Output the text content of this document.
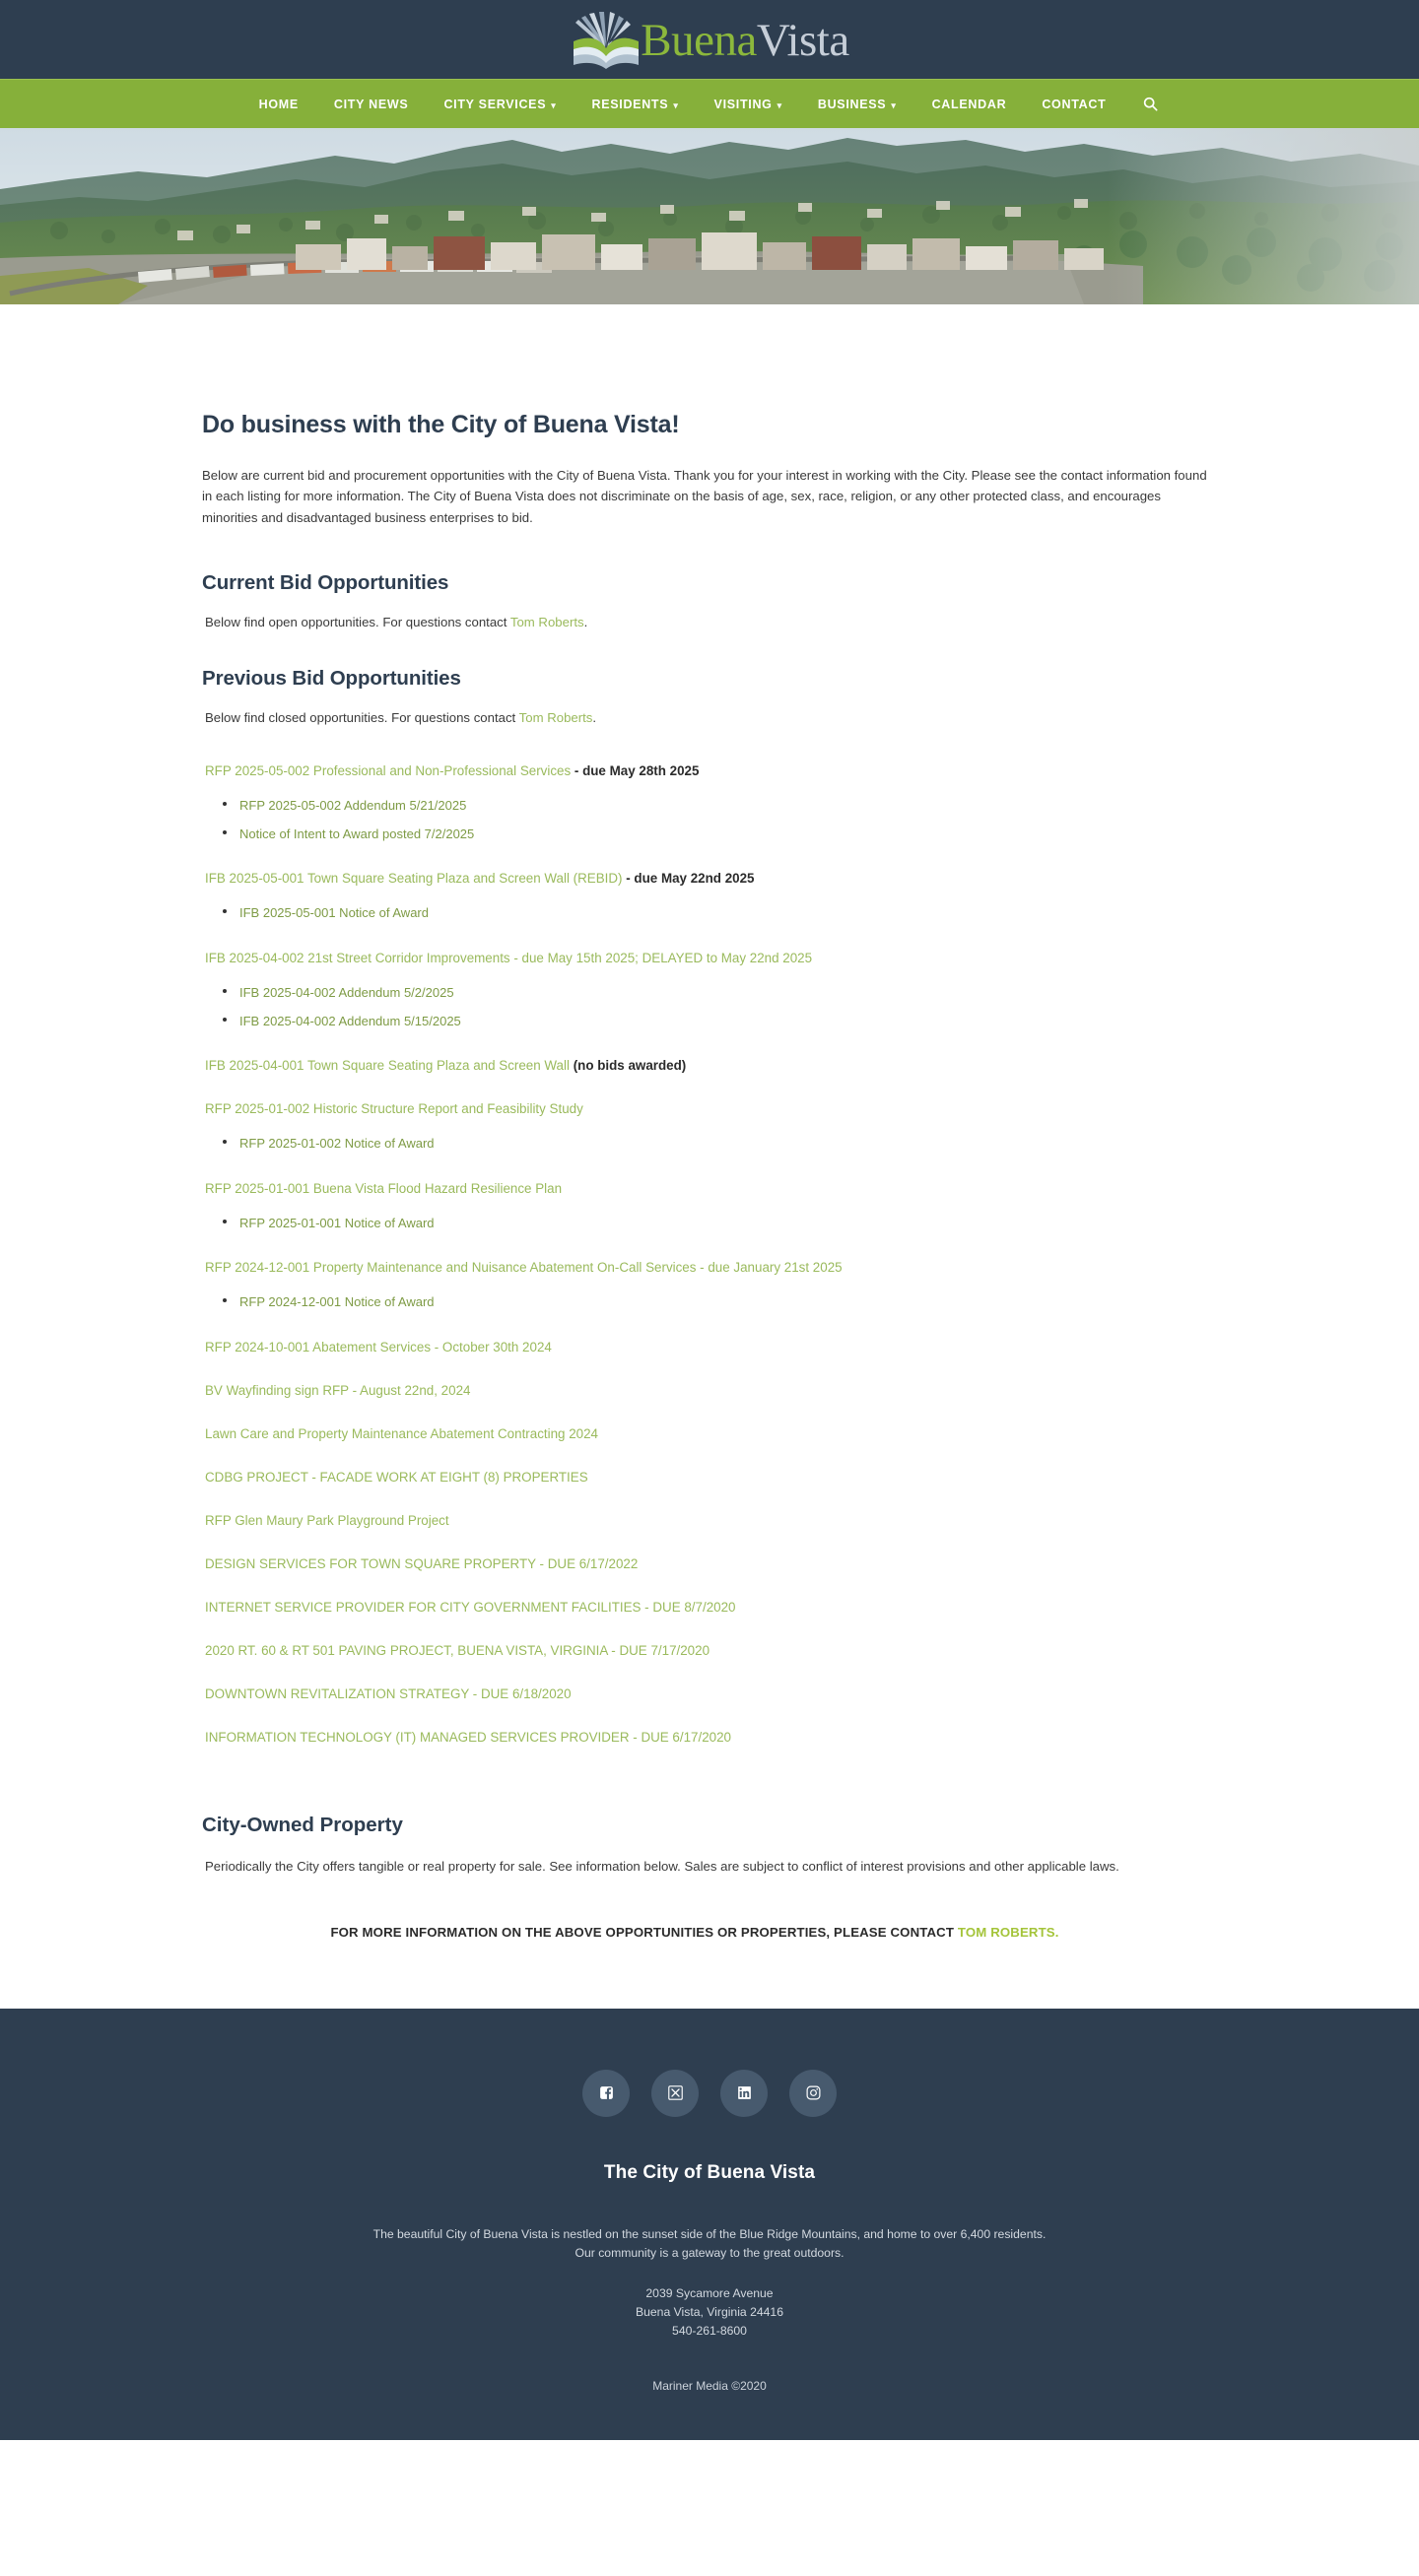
BuenaVista
HOME	CITY NEWS	CITY SERVICES ▾	RESIDENTS ▾	VISITING ▾	BUSINESS ▾	CALENDAR	CONTACT
Do business with the City of Buena Vista!

Below are current bid and procurement opportunities with the City of Buena Vista. Thank you for your interest in working with the City. Please see the contact information found in each listing for more information. The City of Buena Vista does not discriminate on the basis of age, sex, race, religion, or any other protected class, and encourages minorities and disadvantaged business enterprises to bid.

Current Bid Opportunities

Below find open opportunities. For questions contact Tom Roberts.

Previous Bid Opportunities

Below find closed opportunities. For questions contact Tom Roberts.

RFP 2025-05-002 Professional and Non-Professional Services - due May 28th 2025
RFP 2025-05-002 Addendum 5/21/2025
Notice of Intent to Award posted 7/2/2025
IFB 2025-05-001 Town Square Seating Plaza and Screen Wall (REBID) - due May 22nd 2025
IFB 2025-05-001 Notice of Award
IFB 2025-04-002 21st Street Corridor Improvements - due May 15th 2025; DELAYED to May 22nd 2025
IFB 2025-04-002 Addendum 5/2/2025
IFB 2025-04-002 Addendum 5/15/2025
IFB 2025-04-001 Town Square Seating Plaza and Screen Wall (no bids awarded)
RFP 2025-01-002 Historic Structure Report and Feasibility Study
RFP 2025-01-002 Notice of Award
RFP 2025-01-001 Buena Vista Flood Hazard Resilience Plan
RFP 2025-01-001 Notice of Award
RFP 2024-12-001 Property Maintenance and Nuisance Abatement On-Call Services - due January 21st 2025
RFP 2024-12-001 Notice of Award
RFP 2024-10-001 Abatement Services - October 30th 2024
BV Wayfinding sign RFP - August 22nd, 2024
Lawn Care and Property Maintenance Abatement Contracting 2024
CDBG PROJECT - FACADE WORK AT EIGHT (8) PROPERTIES
RFP Glen Maury Park Playground Project
DESIGN SERVICES FOR TOWN SQUARE PROPERTY - DUE 6/17/2022
INTERNET SERVICE PROVIDER FOR CITY GOVERNMENT FACILITIES - DUE 8/7/2020
2020 RT. 60 & RT 501 PAVING PROJECT, BUENA VISTA, VIRGINIA - DUE 7/17/2020
DOWNTOWN REVITALIZATION STRATEGY - DUE 6/18/2020
INFORMATION TECHNOLOGY (IT) MANAGED SERVICES PROVIDER - DUE 6/17/2020
City-Owned Property

Periodically the City offers tangible or real property for sale. See information below. Sales are subject to conflict of interest provisions and other applicable laws.

FOR MORE INFORMATION ON THE ABOVE OPPORTUNITIES OR PROPERTIES, PLEASE CONTACT TOM ROBERTS.

The City of Buena Vista
The beautiful City of Buena Vista is nestled on the sunset side of the Blue Ridge Mountains, and home to over 6,400 residents.
Our community is a gateway to the great outdoors.
2039 Sycamore Avenue
Buena Vista, Virginia 24416
540-261-8600
Mariner Media ©2020
